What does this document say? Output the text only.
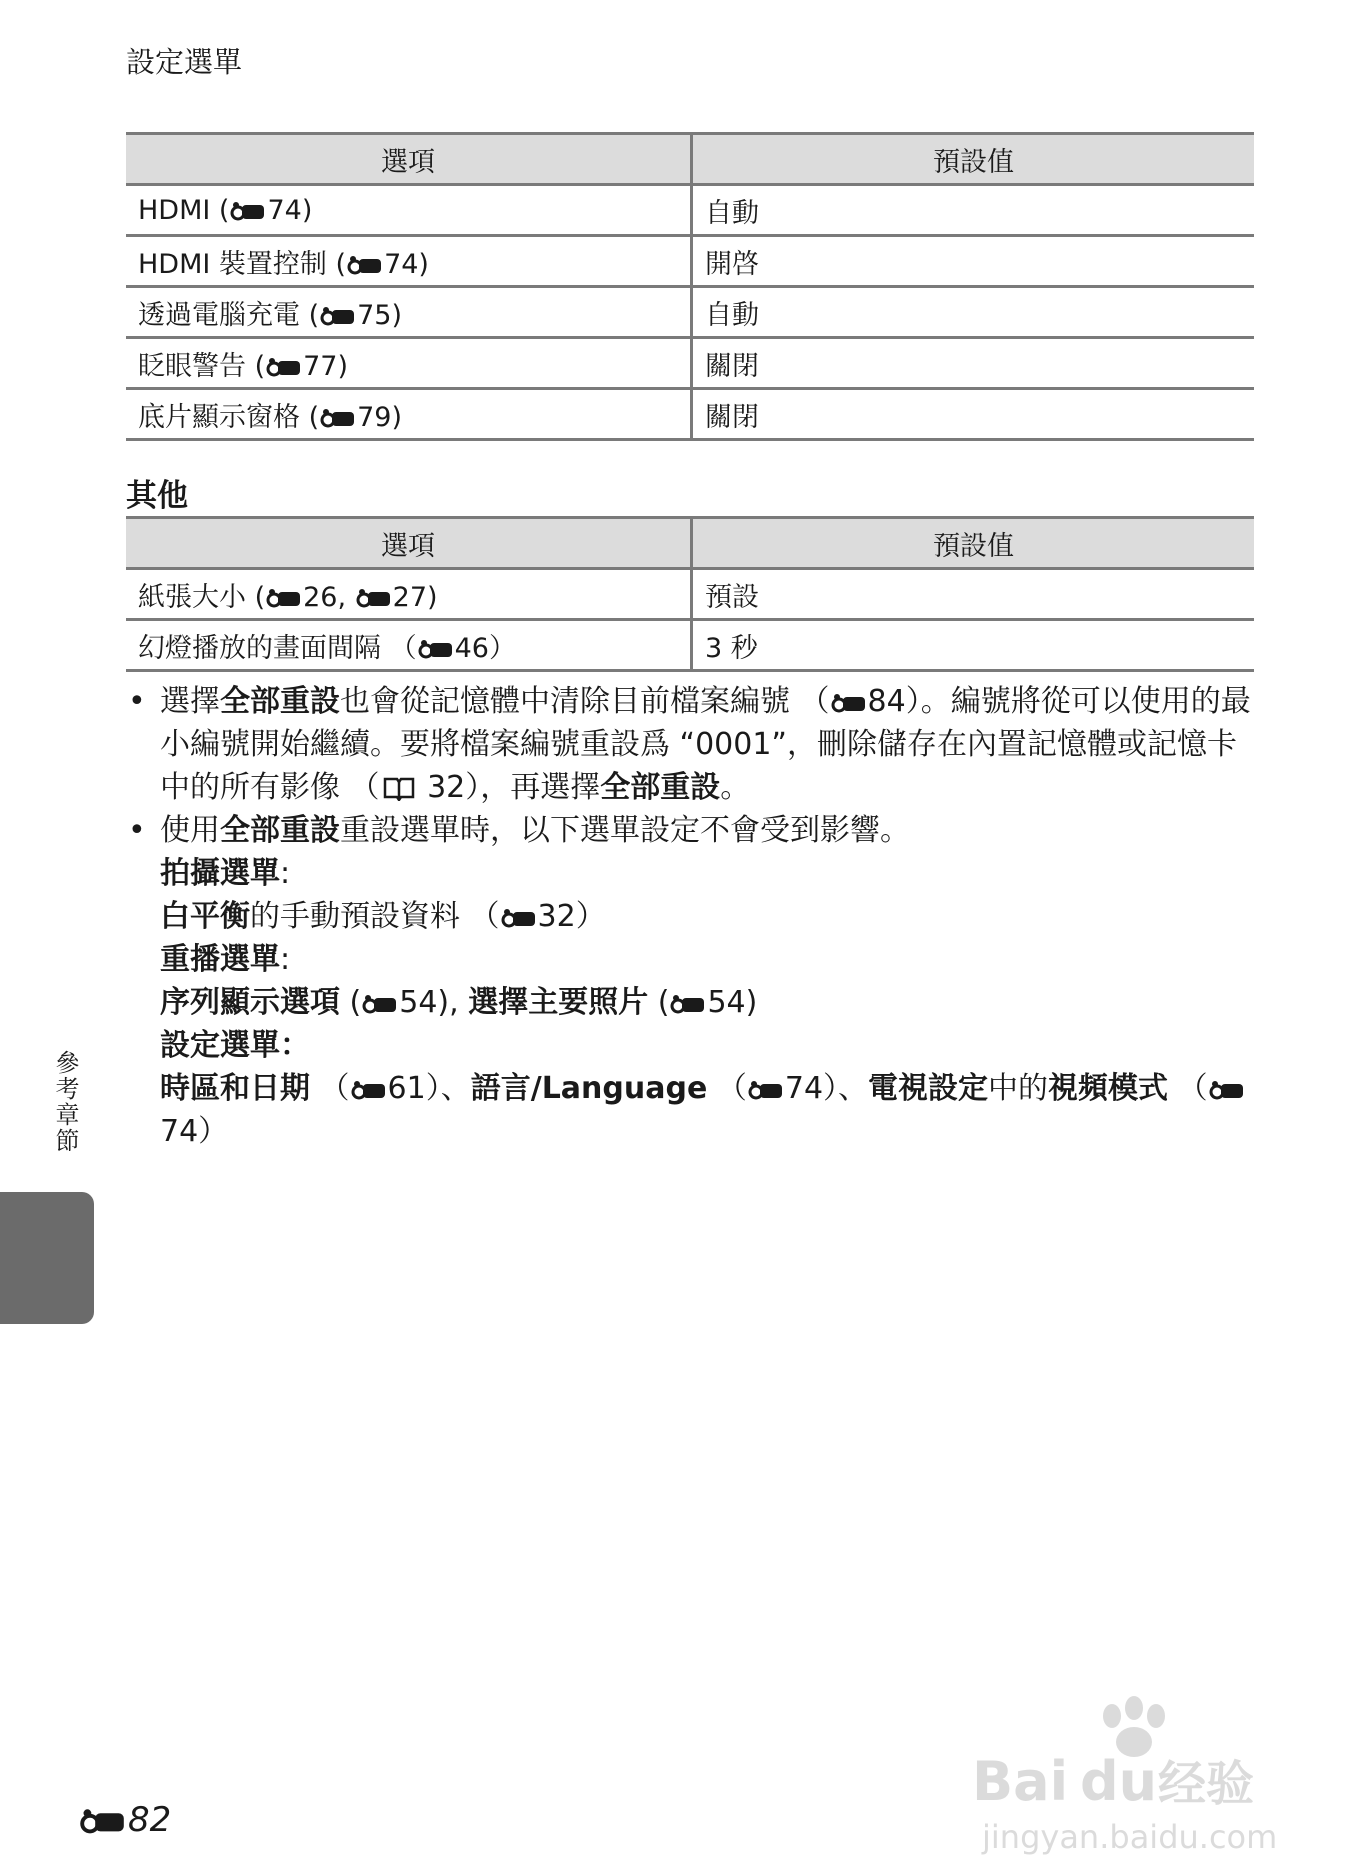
設定選單
選項	預設值
HDMI ( 74)	自動
HDMI 裝置控制 ( 74)	開啓
透過電腦充電 ( 75)	自動
眨眼警告 ( 77)	關閉
底片顯示窗格 ( 79)	關閉
其他
選項	預設值
紙張大小 ( 26, 27)	預設
幻燈播放的畫面間隔 （ 46）	3 秒
• 選擇全部重設也會從記憶體中清除目前檔案編號 （ 84）。編號將從可以使用的最小編號開始繼續。要將檔案編號重設爲 “0001”，刪除儲存在內置記憶體或記憶卡中的所有影像 （ 32），再選擇全部重設。
• 使用全部重設重設選單時，以下選單設定不會受到影響。
拍攝選單:
白平衡的手動預設資料 （ 32）
重播選單:
序列顯示選項 ( 54), 選擇主要照片 ( 54)
設定選單：
時區和日期 （ 61）、語言/Language （ 74）、電視設定中的視頻模式 （74）
參考章節
82
Bai du 经验
jingyan.baidu.com
